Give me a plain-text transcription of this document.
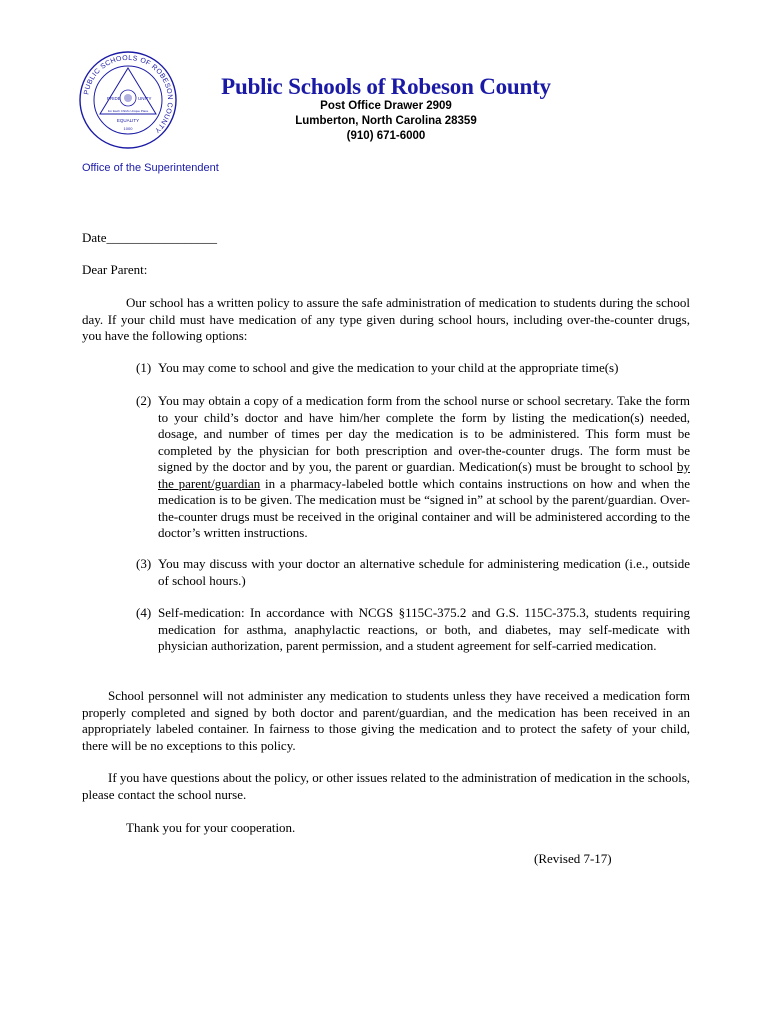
PUBLIC SCHOOLS OF ROBESON COUNTY
PRIDE	UNITY
For Each Child's Unique Place
EQUALITY
1000
Public Schools of Robeson County
Post Office Drawer 2909
Lumberton, North Carolina 28359
(910) 671-6000
Office of the Superintendent
Date_________________
Dear Parent:
Our school has a written policy to assure the safe administration of medication to students during the school day. If your child must have medication of any type given during school hours, including over-the-counter drugs, you have the following options:
(1) You may come to school and give the medication to your child at the appropriate time(s)
(2) You may obtain a copy of a medication form from the school nurse or school secretary. Take the form to your child’s doctor and have him/her complete the form by listing the medication(s) needed, dosage, and number of times per day the medication is to be administered. This form must be completed by the physician for both prescription and over-the-counter drugs. The form must be signed by the doctor and by you, the parent or guardian. Medication(s) must be brought to school by the parent/guardian in a pharmacy-labeled bottle which contains instructions on how and when the medication is to be given. The medication must be “signed in” at school by the parent/guardian. Over-the-counter drugs must be received in the original container and will be administered according to the doctor’s written instructions.
(3) You may discuss with your doctor an alternative schedule for administering medication (i.e., outside of school hours.)
(4) Self-medication: In accordance with NCGS §115C-375.2 and G.S. 115C-375.3, students requiring medication for asthma, anaphylactic reactions, or both, and diabetes, may self-medicate with physician authorization, parent permission, and a student agreement for self-carried medication.
School personnel will not administer any medication to students unless they have received a medication form properly completed and signed by both doctor and parent/guardian, and the medication has been received in an appropriately labeled container. In fairness to those giving the medication and to protect the safety of your child, there will be no exceptions to this policy.
If you have questions about the policy, or other issues related to the administration of medication in the schools, please contact the school nurse.
Thank you for your cooperation.
(Revised 7-17)
